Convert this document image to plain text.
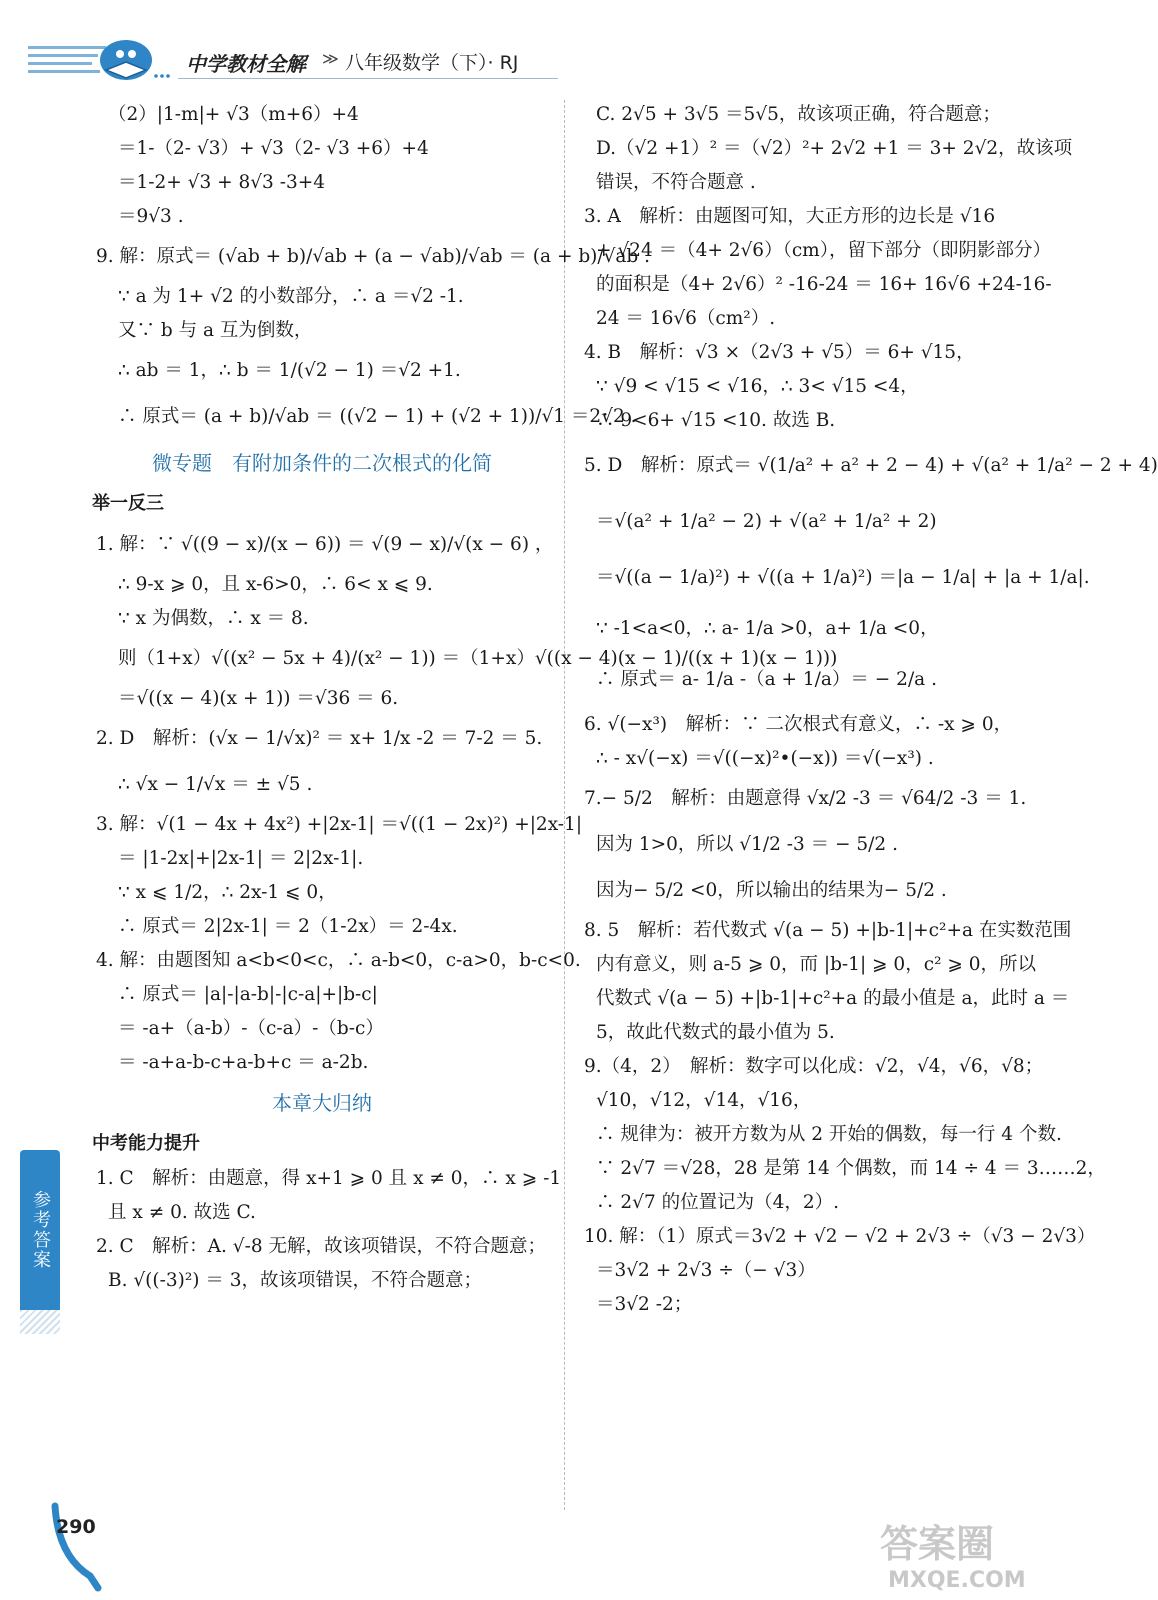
中学教材全解 ≫ 八年级数学（下）· RJ
（2）|1-m|+ √3（m+6）+4
＝1-（2- √3）+ √3（2- √3 +6）+4
＝1-2+ √3 + 8√3 -3+4
＝9√3 .
9. 解：原式＝ (√ab + b)/√ab + (a − √ab)/√ab ＝ (a + b)/√ab .
∵ a 为 1+ √2 的小数部分，∴ a ＝√2 -1.
又∵ b 与 a 互为倒数，
∴ ab ＝ 1，∴ b ＝ 1/(√2 − 1) ＝√2 +1.
∴ 原式＝ (a + b)/√ab ＝ ((√2 − 1) + (√2 + 1))/√1 ＝2√2 .
微专题　有附加条件的二次根式的化简
举一反三
1. 解：∵ √((9 − x)/(x − 6)) ＝ √(9 − x)/√(x − 6) ，
∴ 9-x ⩾ 0，且 x-6>0，∴ 6< x ⩽ 9.
∵ x 为偶数，∴ x ＝ 8.
则（1+x）√((x² − 5x + 4)/(x² − 1)) ＝（1+x）√((x − 4)(x − 1)/((x + 1)(x − 1)))
＝√((x − 4)(x + 1)) ＝√36 ＝ 6.
2. D　解析：(√x − 1/√x)² ＝ x+ 1/x -2 ＝ 7-2 ＝ 5.
∴ √x − 1/√x ＝ ± √5 .
3. 解：√(1 − 4x + 4x²) +|2x-1| ＝√((1 − 2x)²) +|2x-1|
＝ |1-2x|+|2x-1| ＝ 2|2x-1|.
∵ x ⩽ 1/2，∴ 2x-1 ⩽ 0，
∴ 原式＝ 2|2x-1| ＝ 2（1-2x）＝ 2-4x.
4. 解：由题图知 a<b<0<c，∴ a-b<0，c-a>0，b-c<0.
∴ 原式＝ |a|-|a-b|-|c-a|+|b-c|
＝ -a+（a-b）-（c-a）-（b-c）
＝ -a+a-b-c+a-b+c ＝ a-2b.
本章大归纳
中考能力提升
1. C　解析：由题意，得 x+1 ⩾ 0 且 x ≠ 0，∴ x ⩾ -1
且 x ≠ 0. 故选 C.
2. C　解析：A. √-8 无解，故该项错误，不符合题意；
B. √((-3)²) ＝ 3，故该项错误，不符合题意；
C. 2√5 + 3√5 ＝5√5，故该项正确，符合题意；
D.（√2 +1）² ＝（√2）²+ 2√2 +1 ＝ 3+ 2√2，故该项
错误，不符合题意 .
3. A　解析：由题图可知，大正方形的边长是 √16
+ √24 ＝（4+ 2√6）（cm），留下部分（即阴影部分）
的面积是（4+ 2√6）² -16-24 ＝ 16+ 16√6 +24-16-
24 ＝ 16√6（cm²）.
4. B　解析：√3 ×（2√3 + √5）＝ 6+ √15，
∵ √9 < √15 < √16，∴ 3< √15 <4，
∴ 9<6+ √15 <10. 故选 B.
5. D　解析：原式＝ √(1/a² + a² + 2 − 4) + √(a² + 1/a² − 2 + 4)
＝√(a² + 1/a² − 2) + √(a² + 1/a² + 2)
＝√((a − 1/a)²) + √((a + 1/a)²) ＝|a − 1/a| + |a + 1/a|.
∵ -1<a<0，∴ a- 1/a >0，a+ 1/a <0，
∴ 原式＝ a- 1/a -（a + 1/a）＝ − 2/a .
6. √(−x³)　解析：∵ 二次根式有意义，∴ -x ⩾ 0，
∴ - x√(−x) ＝√((−x)²•(−x)) ＝√(−x³) .
7.− 5/2　解析：由题意得 √x/2 -3 ＝ √64/2 -3 ＝ 1.
因为 1>0，所以 √1/2 -3 ＝ − 5/2 .
因为− 5/2 <0，所以输出的结果为− 5/2 .
8. 5　解析：若代数式 √(a − 5) +|b-1|+c²+a 在实数范围
内有意义，则 a-5 ⩾ 0，而 |b-1| ⩾ 0，c² ⩾ 0，所以
代数式 √(a − 5) +|b-1|+c²+a 的最小值是 a，此时 a ＝
5，故此代数式的最小值为 5.
9.（4，2）　解析：数字可以化成：√2，√4，√6，√8；
√10，√12，√14，√16，
∴ 规律为：被开方数为从 2 开始的偶数，每一行 4 个数.
∵ 2√7 ＝√28，28 是第 14 个偶数，而 14 ÷ 4 ＝ 3……2，
∴ 2√7 的位置记为（4，2）.
10. 解：（1）原式＝3√2 + √2 − √2 + 2√3 ÷（√3 − 2√3）
＝3√2 + 2√3 ÷（− √3）
＝3√2 -2；
参考答案
290	答案圈
MXQE.COM
